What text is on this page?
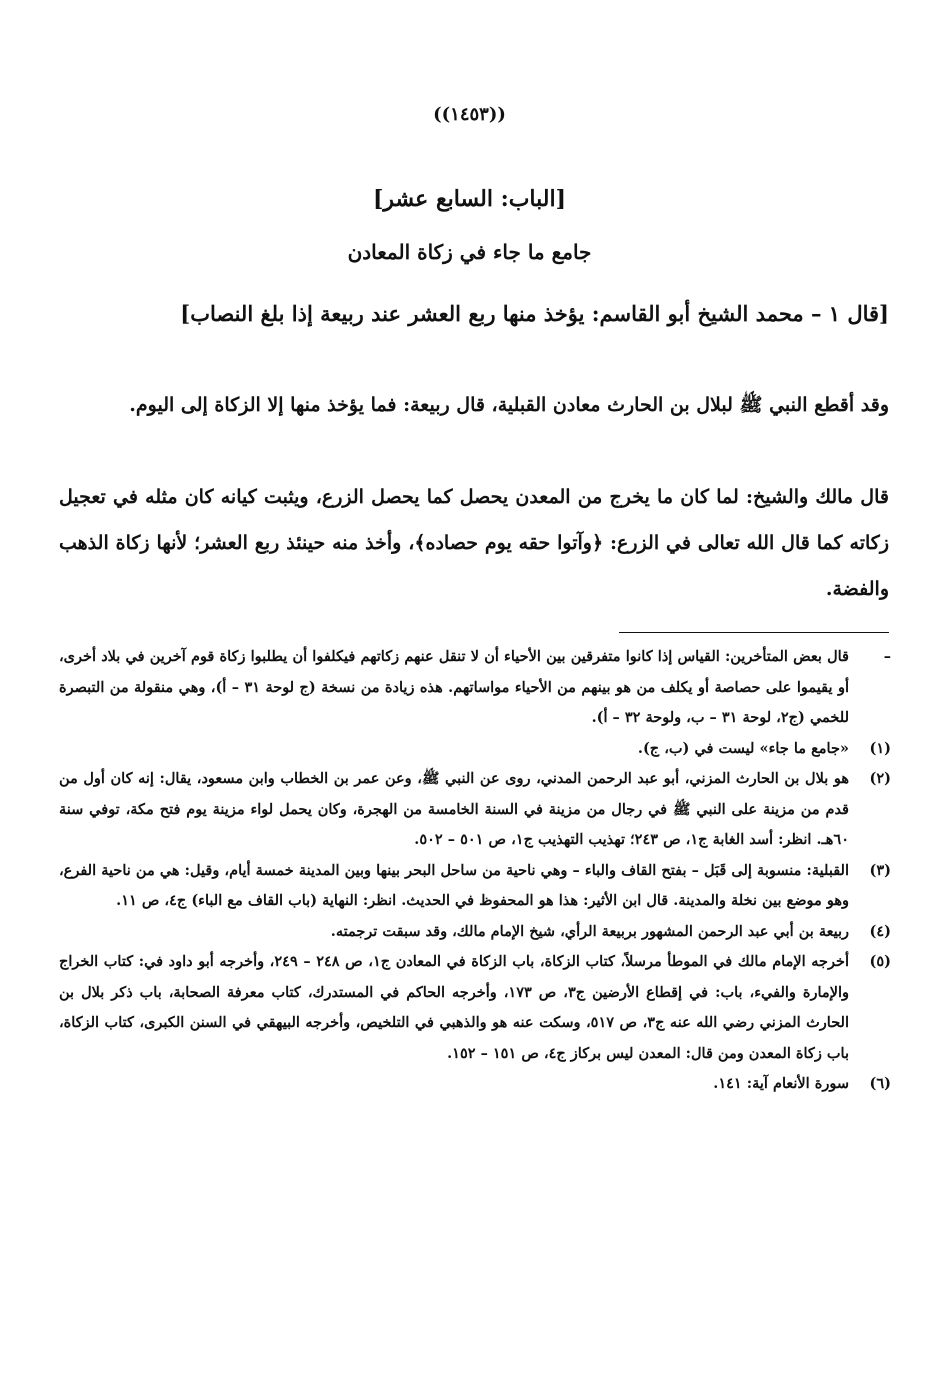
((١٤٥٣))
[الباب: السابع عشر]
جامع ما جاء في زكاة المعادن
[قال ١ – محمد الشيخ أبو القاسم: يؤخذ منها ربع العشر عند ربيعة إذا بلغ النصاب]
وقد أقطع النبي ﷺ لبلال بن الحارث معادن القبلية، قال ربيعة: فما يؤخذ منها إلا الزكاة إلى اليوم.
قال مالك والشيخ: لما كان ما يخرج من المعدن يحصل كما يحصل الزرع، ويثبت كيانه كان مثله في تعجيل زكاته كما قال الله تعالى في الزرع: ﴿وآتوا حقه يوم حصاده﴾، وأخذ منه حينئذ ربع العشر؛ لأنها زكاة الذهب والفضة.
–
قال بعض المتأخرين: القياس إذا كانوا متفرقين بين الأحياء أن لا تنقل عنهم زكاتهم فيكلفوا أن يطلبوا زكاة قوم آخرين في بلاد أخرى، أو يقيموا على حصاصة أو يكلف من هو بينهم من الأحياء مواساتهم. هذه زيادة من نسخة (ج لوحة ٣١ – أ)، وهي منقولة من التبصرة للخمي (ج٢، لوحة ٣١ – ب، ولوحة ٣٢ – أ).
(١)
«جامع ما جاء» ليست في (ب، ج).
(٢)
هو بلال بن الحارث المزني، أبو عبد الرحمن المدني، روى عن النبي ﷺ، وعن عمر بن الخطاب وابن مسعود، يقال: إنه كان أول من قدم من مزينة على النبي ﷺ في رجال من مزينة في السنة الخامسة من الهجرة، وكان يحمل لواء مزينة يوم فتح مكة، توفي سنة ٦٠هـ. انظر: أسد الغابة ج١، ص ٢٤٣؛ تهذيب التهذيب ج١، ص ٥٠١ – ٥٠٢.
(٣)
القبلية: منسوبة إلى قَبَل – بفتح القاف والباء – وهي ناحية من ساحل البحر بينها وبين المدينة خمسة أيام، وقيل: هي من ناحية الفرع، وهو موضع بين نخلة والمدينة. قال ابن الأثير: هذا هو المحفوظ في الحديث. انظر: النهاية (باب القاف مع الباء) ج٤، ص ١١.
(٤)
ربيعة بن أبي عبد الرحمن المشهور بربيعة الرأي، شيخ الإمام مالك، وقد سبقت ترجمته.
(٥)
أخرجه الإمام مالك في الموطأ مرسلاً، كتاب الزكاة، باب الزكاة في المعادن ج١، ص ٢٤٨ – ٢٤٩، وأخرجه أبو داود في: كتاب الخراج والإمارة والفيء، باب: في إقطاع الأرضين ج٣، ص ١٧٣، وأخرجه الحاكم في المستدرك، كتاب معرفة الصحابة، باب ذكر بلال بن الحارث المزني رضي الله عنه ج٣، ص ٥١٧، وسكت عنه هو والذهبي في التلخيص، وأخرجه البيهقي في السنن الكبرى، كتاب الزكاة، باب زكاة المعدن ومن قال: المعدن ليس بركاز ج٤، ص ١٥١ – ١٥٢.
(٦)
سورة الأنعام آية: ١٤١.
